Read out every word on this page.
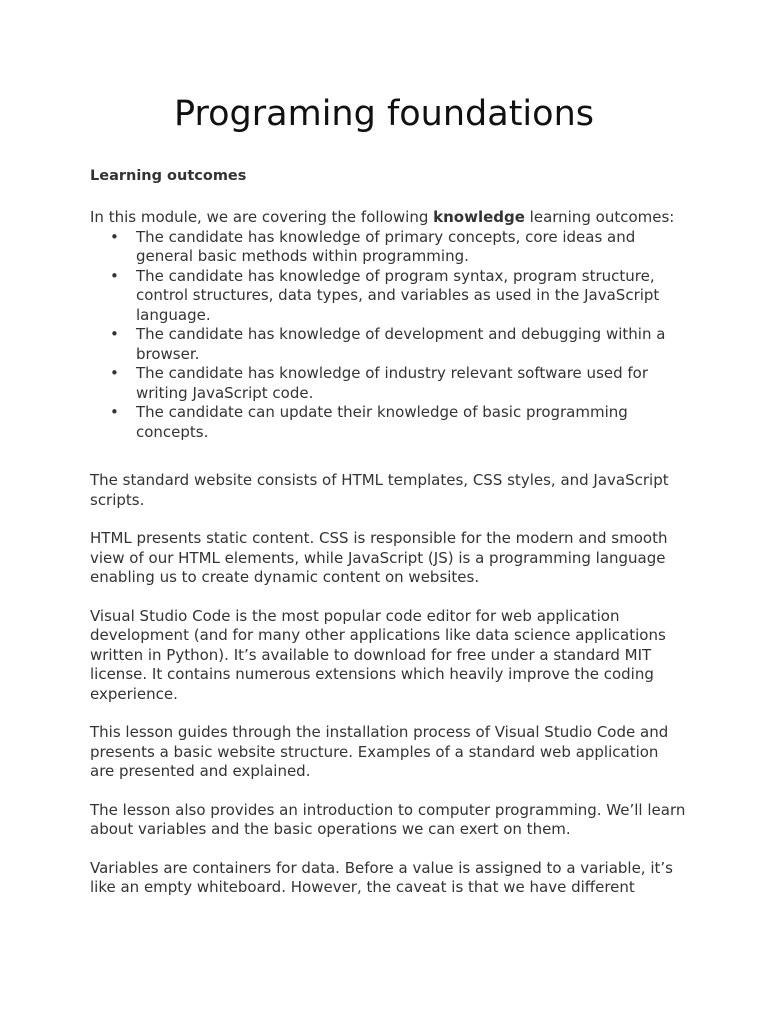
Programing foundations
Learning outcomes

In this module, we are covering the following knowledge learning outcomes:

• The candidate has knowledge of primary concepts, core ideas and general basic methods within programming.
• The candidate has knowledge of program syntax, program structure, control structures, data types, and variables as used in the JavaScript language.
• The candidate has knowledge of development and debugging within a browser.
• The candidate has knowledge of industry relevant software used for writing JavaScript code.
• The candidate can update their knowledge of basic programming concepts.

The standard website consists of HTML templates, CSS styles, and JavaScript scripts.

HTML presents static content. CSS is responsible for the modern and smooth view of our HTML elements, while JavaScript (JS) is a programming language enabling us to create dynamic content on websites.

Visual Studio Code is the most popular code editor for web application development (and for many other applications like data science applications written in Python). It’s available to download for free under a standard MIT license. It contains numerous extensions which heavily improve the coding experience.

This lesson guides through the installation process of Visual Studio Code and presents a basic website structure. Examples of a standard web application are presented and explained.

The lesson also provides an introduction to computer programming. We’ll learn about variables and the basic operations we can exert on them.

Variables are containers for data. Before a value is assigned to a variable, it’s like an empty whiteboard. However, the caveat is that we have different
